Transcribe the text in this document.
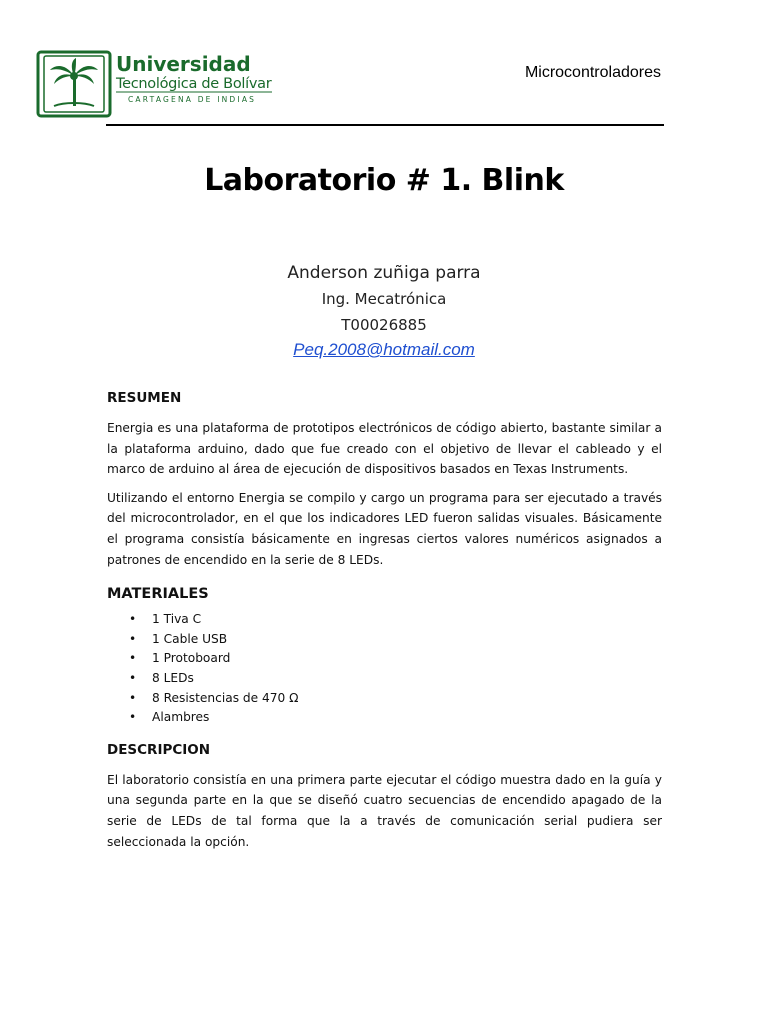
Universidad
Tecnológica de Bolívar
CARTAGENA DE INDIAS
Microcontroladores
Laboratorio # 1. Blink
Anderson zuñiga parra
Ing. Mecatrónica
T00026885
Peq.2008@hotmail.com
RESUMEN

Energia es una plataforma de prototipos electrónicos de código abierto, bastante similar a la plataforma arduino, dado que fue creado con el objetivo de llevar el cableado y el marco de arduino al área de ejecución de dispositivos basados en Texas Instruments.

Utilizando el entorno Energia se compilo y cargo un programa para ser ejecutado a través del microcontrolador, en el que los indicadores LED fueron salidas visuales. Básicamente el programa consistía básicamente en ingresas ciertos valores numéricos asignados a patrones de encendido en la serie de 8 LEDs.

MATERIALES
• 1 Tiva C
• 1 Cable USB
• 1 Protoboard
• 8 LEDs
• 8 Resistencias de 470 Ω
• Alambres
DESCRIPCION

El laboratorio consistía en una primera parte ejecutar el código muestra dado en la guía y una segunda parte en la que se diseñó cuatro secuencias de encendido apagado de la serie de LEDs de tal forma que la a través de comunicación serial pudiera ser seleccionada la opción.
